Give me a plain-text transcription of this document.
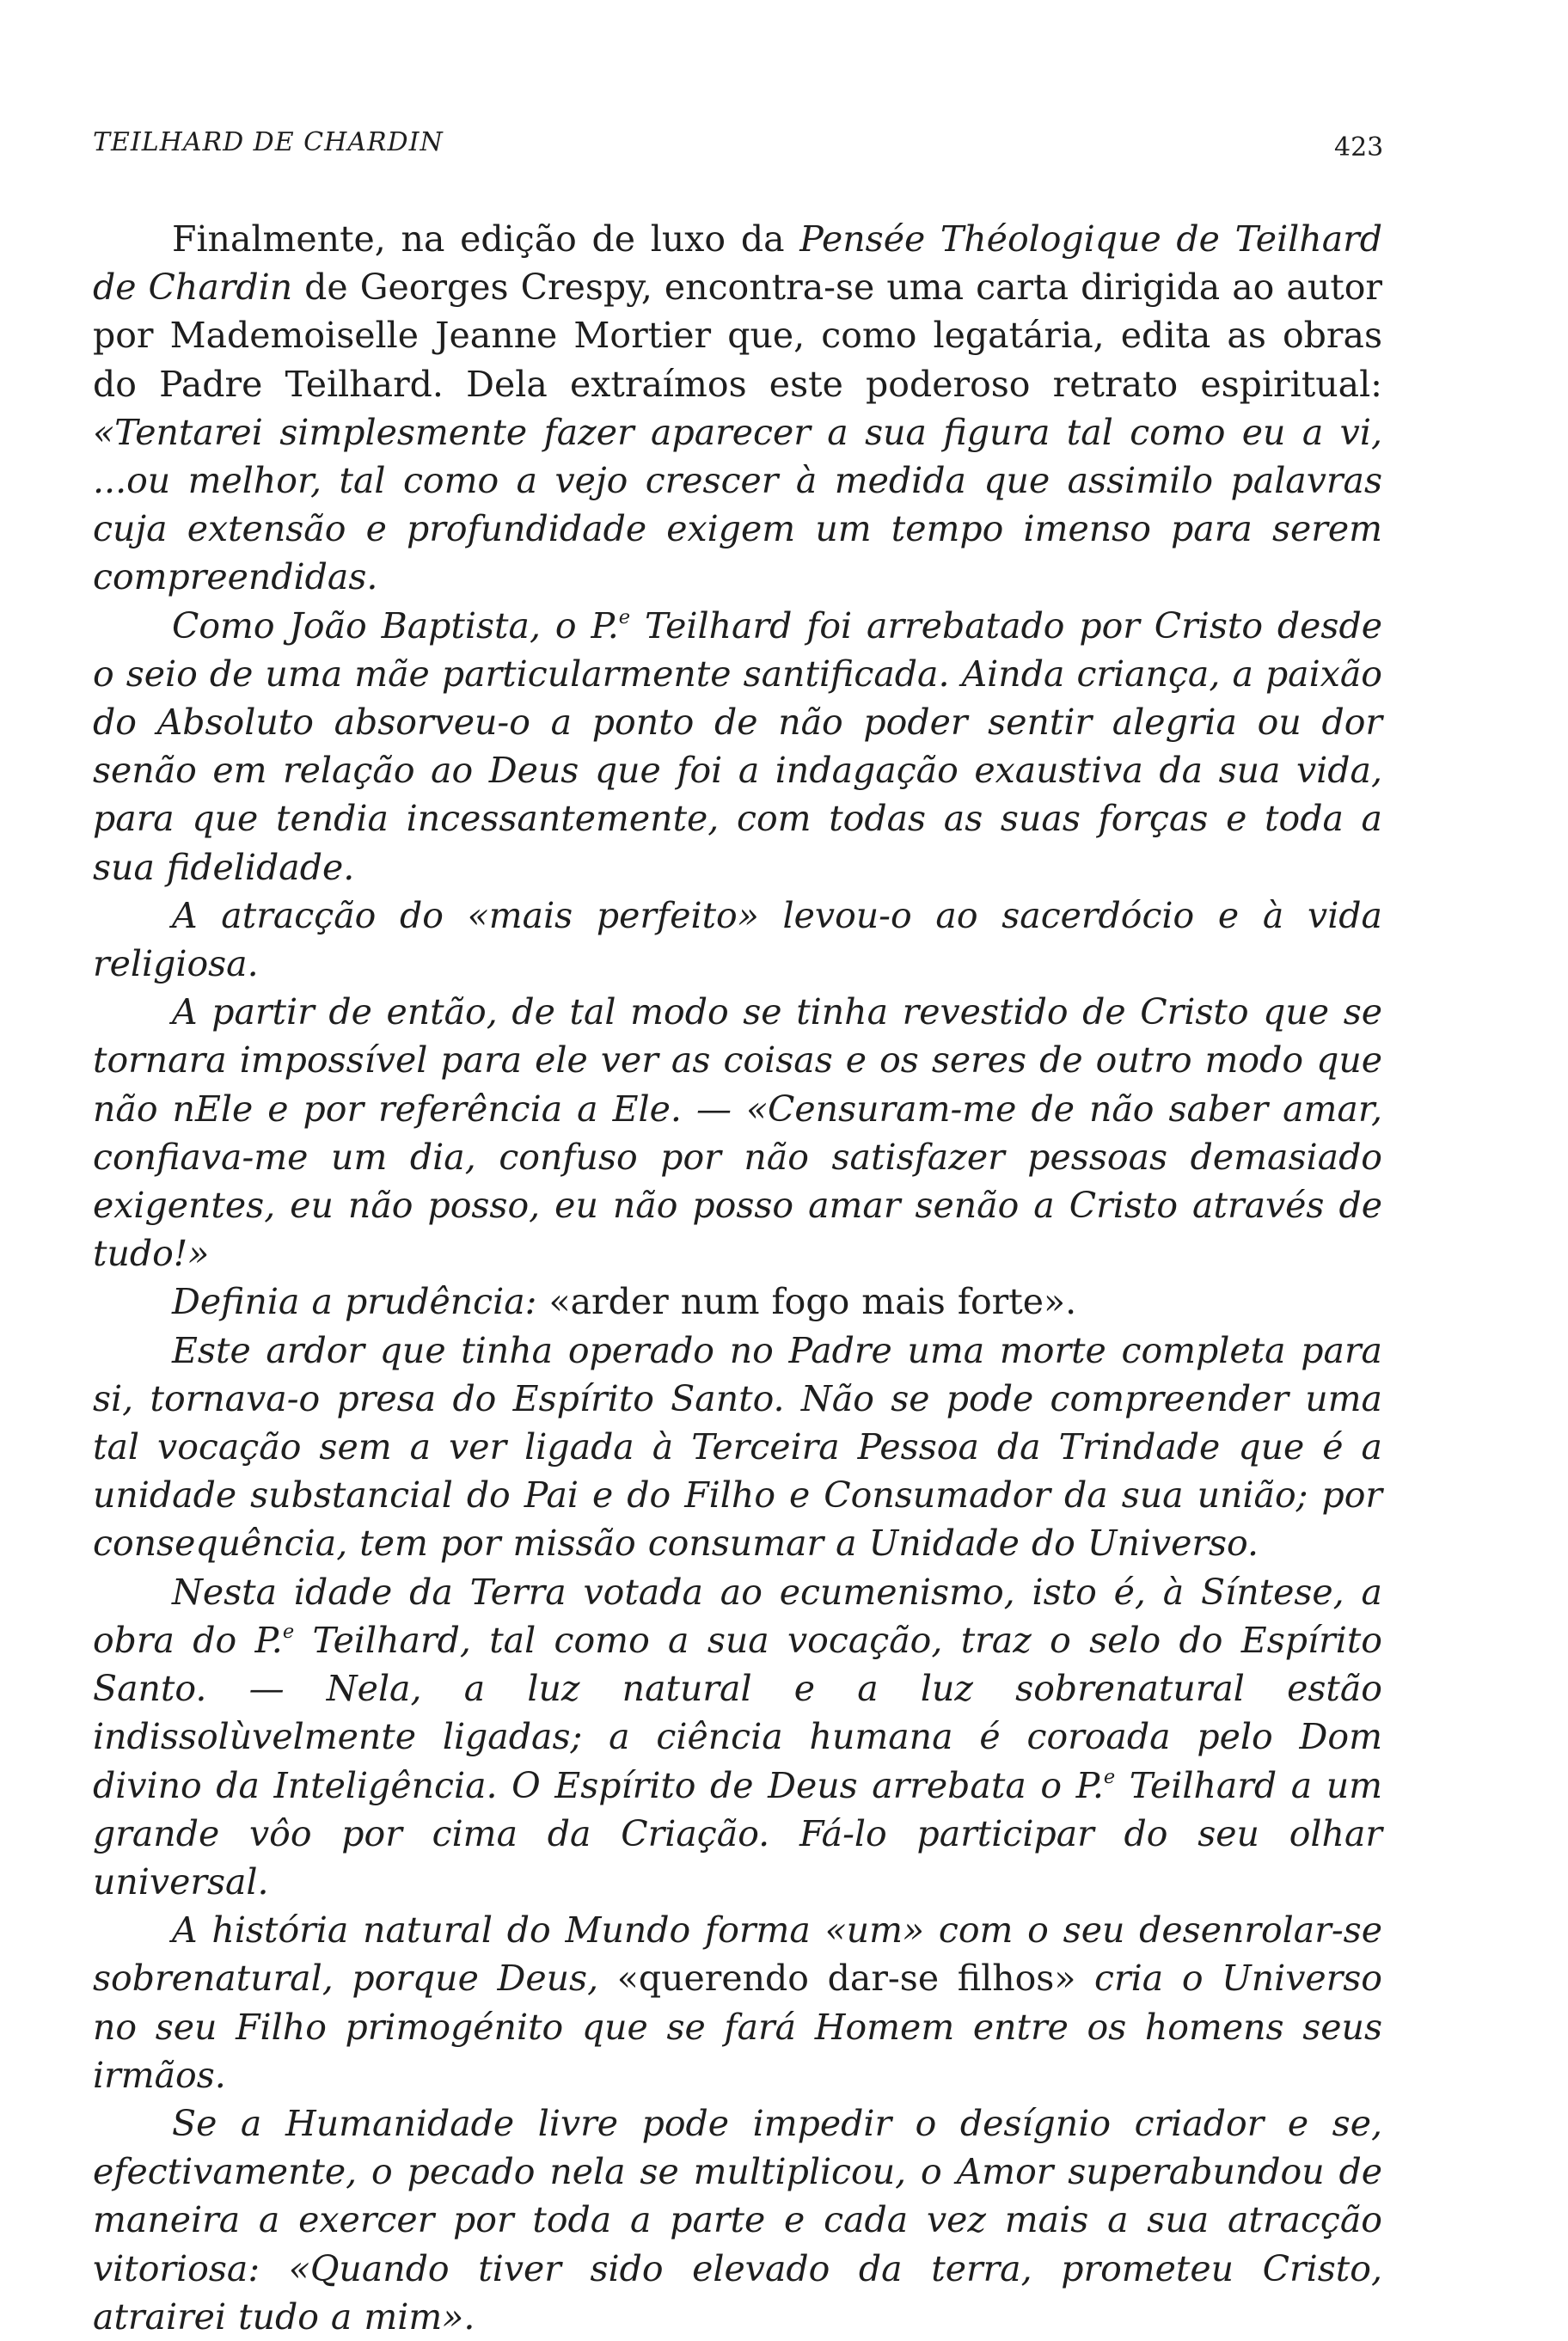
TEILHARD DE CHARDIN	423

Finalmente, na edição de luxo da Pensée Théologique de Teilhard de Chardin de Georges Crespy, encontra-se uma carta dirigida ao autor por Mademoiselle Jeanne Mortier que, como legatária, edita as obras do Padre Teilhard. Dela extraímos este poderoso retrato espiritual: «Tentarei simplesmente fazer aparecer a sua figura tal como eu a vi, ...ou melhor, tal como a vejo crescer à medida que assimilo palavras cuja extensão e profundidade exigem um tempo imenso para serem compreendidas.

Como João Baptista, o P.$^e$ Teilhard foi arrebatado por Cristo desde o seio de uma mãe particularmente santificada. Ainda criança, a paixão do Absoluto absorveu-o a ponto de não poder sentir alegria ou dor senão em relação ao Deus que foi a indagação exaustiva da sua vida, para que tendia incessantemente, com todas as suas forças e toda a sua fidelidade.

A atracção do «mais perfeito» levou-o ao sacerdócio e à vida religiosa.

A partir de então, de tal modo se tinha revestido de Cristo que se tornara impossível para ele ver as coisas e os seres de outro modo que não nEle e por referência a Ele. — «Censuram-me de não saber amar, confiava-me um dia, confuso por não satisfazer pessoas demasiado exigentes, eu não posso, eu não posso amar senão a Cristo através de tudo!»

Definia a prudência: «arder num fogo mais forte».

Este ardor que tinha operado no Padre uma morte completa para si, tornava-o presa do Espírito Santo. Não se pode compreender uma tal vocação sem a ver ligada à Terceira Pessoa da Trindade que é a unidade substancial do Pai e do Filho e Consumador da sua união; por consequência, tem por missão consumar a Unidade do Universo.

Nesta idade da Terra votada ao ecumenismo, isto é, à Síntese, a obra do P.$^e$ Teilhard, tal como a sua vocação, traz o selo do Espírito Santo. — Nela, a luz natural e a luz sobrenatural estão indissolùvelmente ligadas; a ciência humana é coroada pelo Dom divino da Inteligência. O Espírito de Deus arrebata o P.$^e$ Teilhard a um grande vôo por cima da Criação. Fá-lo participar do seu olhar universal.

A história natural do Mundo forma «um» com o seu desenrolar-se sobrenatural, porque Deus, «querendo dar-se filhos» cria o Universo no seu Filho primogénito que se fará Homem entre os homens seus irmãos.

Se a Humanidade livre pode impedir o desígnio criador e se, efectivamente, o pecado nela se multiplicou, o Amor superabundou de maneira a exercer por toda a parte e cada vez mais a sua atracção vitoriosa: «Quando tiver sido elevado da terra, prometeu Cristo, atrairei tudo a mim».
